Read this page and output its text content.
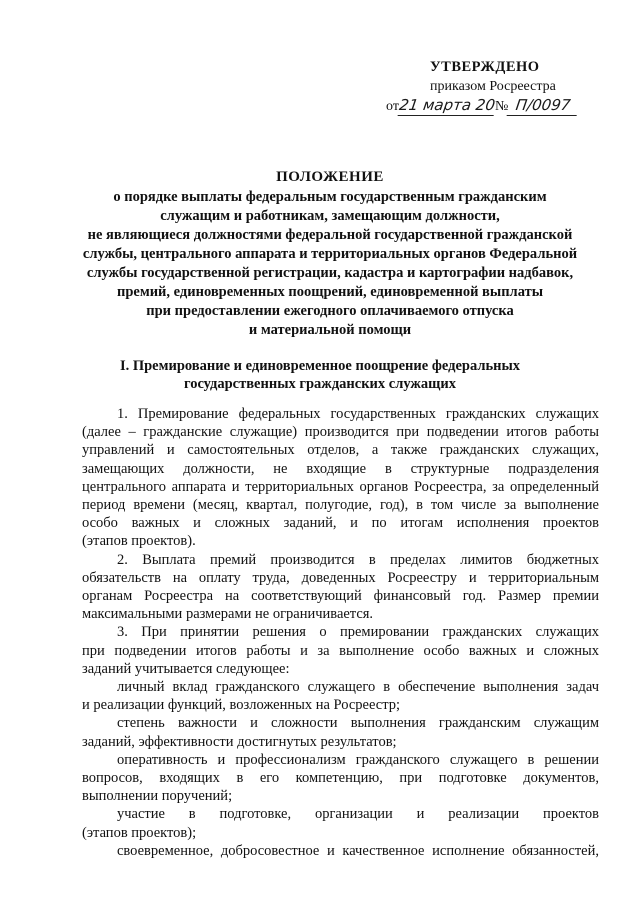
УТВЕРЖДЕНО
приказом Росреестра
от 21 марта 20
№ П/0097
ПОЛОЖЕНИЕ
о порядке выплаты федеральным государственным гражданским
служащим и работникам, замещающим должности,
не являющиеся должностями федеральной государственной гражданской
службы, центрального аппарата и территориальных органов Федеральной
службы государственной регистрации, кадастра и картографии надбавок,
премий, единовременных поощрений, единовременной выплаты
при предоставлении ежегодного оплачиваемого отпуска
и материальной помощи
I. Премирование и единовременное поощрение федеральных
государственных гражданских служащих
1. Премирование федеральных государственных гражданских служащих
(далее – гражданские служащие) производится при подведении итогов работы
управлений и самостоятельных отделов, а также гражданских служащих,
замещающих должности, не входящие в структурные подразделения
центрального аппарата и территориальных органов Росреестра, за определенный
период времени (месяц, квартал, полугодие, год), в том числе за выполнение
особо важных и сложных заданий, и по итогам исполнения проектов
(этапов проектов).
2. Выплата премий производится в пределах лимитов бюджетных
обязательств на оплату труда, доведенных Росреестру и территориальным
органам Росреестра на соответствующий финансовый год. Размер премии
максимальными размерами не ограничивается.
3. При принятии решения о премировании гражданских служащих
при подведении итогов работы и за выполнение особо важных и сложных
заданий учитывается следующее:
личный вклад гражданского служащего в обеспечение выполнения задач
и реализации функций, возложенных на Росреестр;
степень важности и сложности выполнения гражданским служащим
заданий, эффективности достигнутых результатов;
оперативность и профессионализм гражданского служащего в решении
вопросов, входящих в его компетенцию, при подготовке документов,
выполнении поручений;
участие в подготовке, организации и реализации проектов
(этапов проектов);
своевременное, добросовестное и качественное исполнение обязанностей,
